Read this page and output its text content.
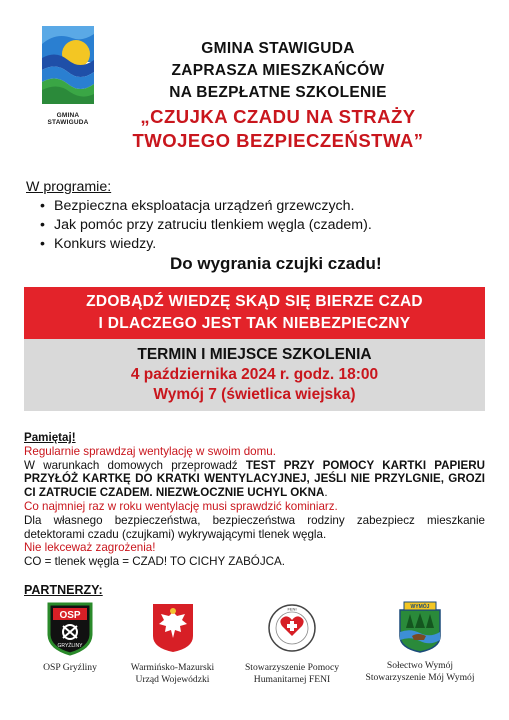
GMINA STAWIGUDA
GMINA STAWIGUDA
ZAPRASZA MIESZKAŃCÓW
NA BEZPŁATNE SZKOLENIE
„CZUJKA CZADU NA STRAŻY
TWOJEGO BEZPIECZEŃSTWA”
W programie:
• Bezpieczna eksploatacja urządzeń grzewczych.
• Jak pomóc przy zatruciu tlenkiem węgla (czadem).
• Konkurs wiedzy.
Do wygrania czujki czadu!
ZDOBĄDŹ WIEDZĘ SKĄD SIĘ BIERZE CZAD
I DLACZEGO JEST TAK NIEBEZPIECZNY
TERMIN I MIEJSCE SZKOLENIA
4 października 2024 r. godz. 18:00
Wymój 7 (świetlica wiejska)

Pamiętaj!

Regularnie sprawdzaj wentylację w swoim domu.

W warunkach domowych przeprowadź TEST PRZY POMOCY KARTKI PAPIERU PRZYŁÓŻ KARTKĘ DO KRATKI WENTYLACYJNEJ, JEŚLI NIE PRZYLGNIE, GROZI CI ZATRUCIE CZADEM. NIEZWŁOCZNIE UCHYL OKNA.

Co najmniej raz w roku wentylację musi sprawdzić kominiarz.

Dla własnego bezpieczeństwa, bezpieczeństwa rodziny zabezpiecz mieszkanie detektorami czadu (czujkami) wykrywającymi tlenek węgla.

Nie lekceważ zagrożenia!

CO = tlenek węgla = CZAD! TO CICHY ZABÓJCA.

PARTNERZY:
OSP
GRYŹLINY
OSP Gryźliny	Warmińsko-Mazurski
Urząd Wojewódzki
FENI
Stowarzyszenie Pomocy
Humanitarnej FENI
WYMÓJ
Sołectwo Wymój
Stowarzyszenie Mój Wymój
